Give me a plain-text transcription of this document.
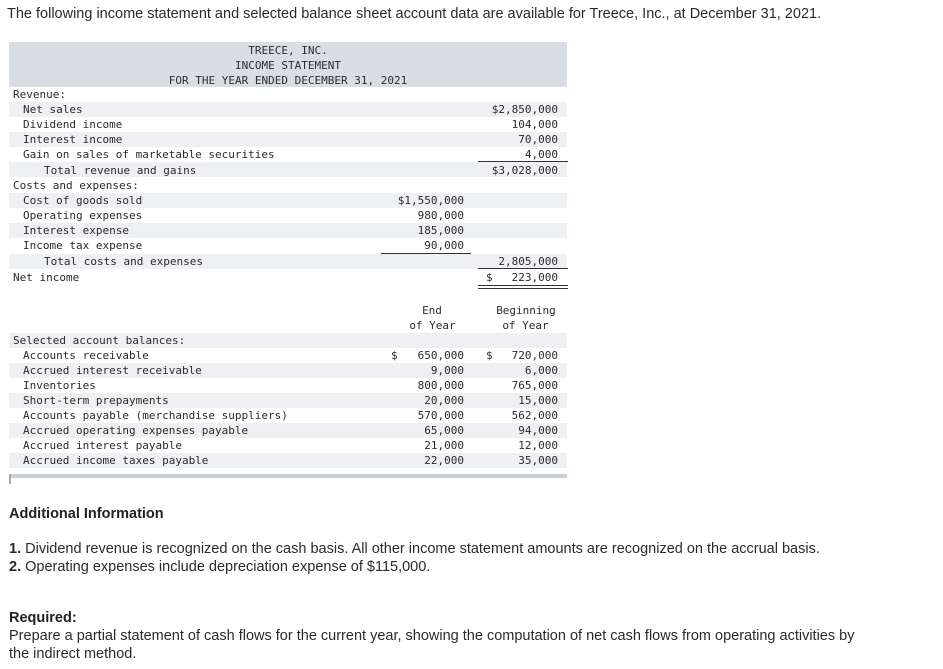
The following income statement and selected balance sheet account data are available for Treece, Inc., at December 31, 2021.
TREECE, INC.
INCOME STATEMENT
FOR THE YEAR ENDED DECEMBER 31, 2021
Revenue:
Net sales	$2,850,000
Dividend income	104,000
Interest income	70,000
Gain on sales of marketable securities	4,000
Total revenue and gains	$3,028,000
Costs and expenses:
Cost of goods sold	$1,550,000
Operating expenses	980,000
Interest expense	185,000
Income tax expense	90,000
Total costs and expenses	2,805,000
Net income	$ 223,000
End
of Year
Beginning
of Year
Selected account balances:
Accounts receivable	650,000	720,000
$	$
Accrued interest receivable	9,000	6,000
Inventories	800,000	765,000
Short-term prepayments	20,000	15,000
Accounts payable (merchandise suppliers)	570,000	562,000
Accrued operating expenses payable	65,000	94,000
Accrued interest payable	21,000	12,000
Accrued income taxes payable	22,000	35,000
Additional Information
1. Dividend revenue is recognized on the cash basis. All other income statement amounts are recognized on the accrual basis.
2. Operating expenses include depreciation expense of $115,000.
Required:
Prepare a partial statement of cash flows for the current year, showing the computation of net cash flows from operating activities by
the indirect method.
